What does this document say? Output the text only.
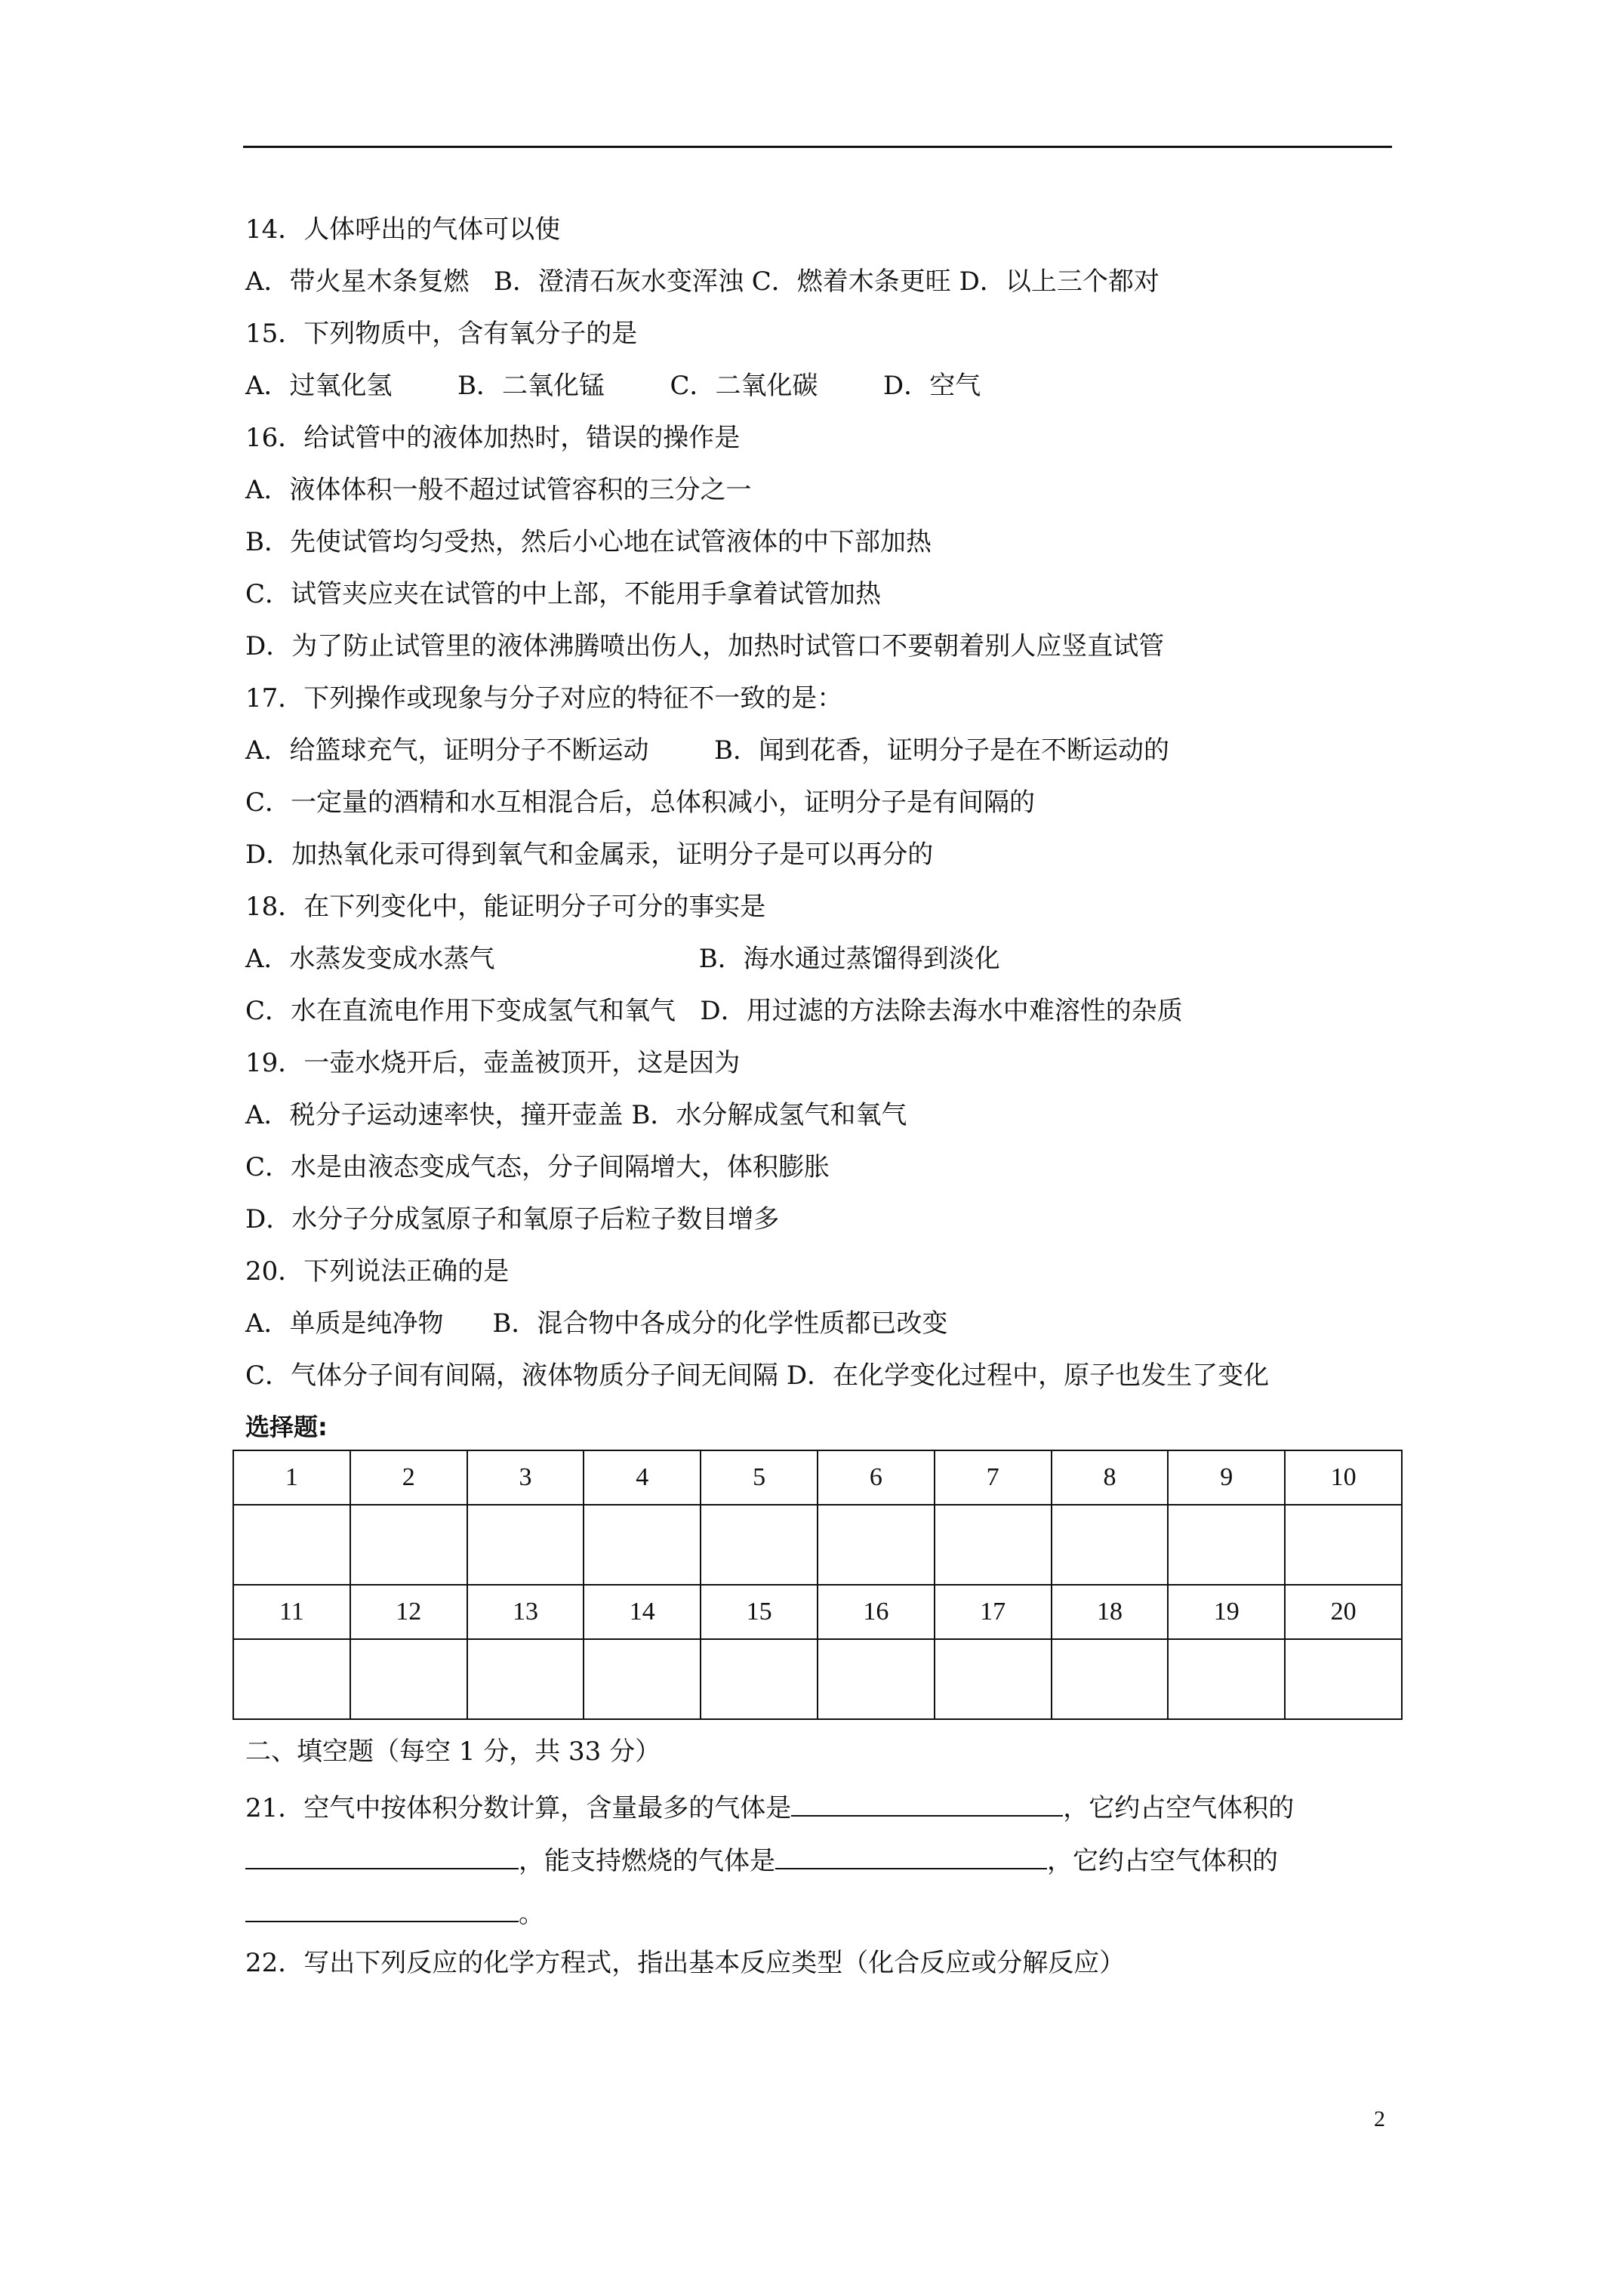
14．人体呼出的气体可以使
A．带火星木条复燃   B．澄清石灰水变浑浊 C．燃着木条更旺 D．以上三个都对
15．下列物质中，含有氧分子的是
A．过氧化氢        B．二氧化锰        C．二氧化碳        D．空气
16．给试管中的液体加热时，错误的操作是
A．液体体积一般不超过试管容积的三分之一
B．先使试管均匀受热，然后小心地在试管液体的中下部加热
C．试管夹应夹在试管的中上部，不能用手拿着试管加热
D．为了防止试管里的液体沸腾喷出伤人，加热时试管口不要朝着别人应竖直试管
17．下列操作或现象与分子对应的特征不一致的是：
A．给篮球充气，证明分子不断运动        B．闻到花香，证明分子是在不断运动的
C．一定量的酒精和水互相混合后，总体积减小，证明分子是有间隔的
D．加热氧化汞可得到氧气和金属汞，证明分子是可以再分的
18．在下列变化中，能证明分子可分的事实是
A．水蒸发变成水蒸气                         B．海水通过蒸馏得到淡化
C．水在直流电作用下变成氢气和氧气   D．用过滤的方法除去海水中难溶性的杂质
19．一壶水烧开后，壶盖被顶开，这是因为
A．税分子运动速率快，撞开壶盖 B．水分解成氢气和氧气
C．水是由液态变成气态，分子间隔增大，体积膨胀
D．水分子分成氢原子和氧原子后粒子数目增多
20．下列说法正确的是
A．单质是纯净物      B．混合物中各成分的化学性质都已改变
C．气体分子间有间隔，液体物质分子间无间隔 D．在化学变化过程中，原子也发生了变化
选择题:
1	2	3	4	5	6	7	8	9	10

11	12	13	14	15	16	17	18	19	20

二、填空题（每空 1 分，共 33 分）
21．空气中按体积分数计算，含量最多的气体是	，它约占空气体积的
，能支持燃烧的气体是	，它约占空气体积的
。
22．写出下列反应的化学方程式，指出基本反应类型（化合反应或分解反应）
2
